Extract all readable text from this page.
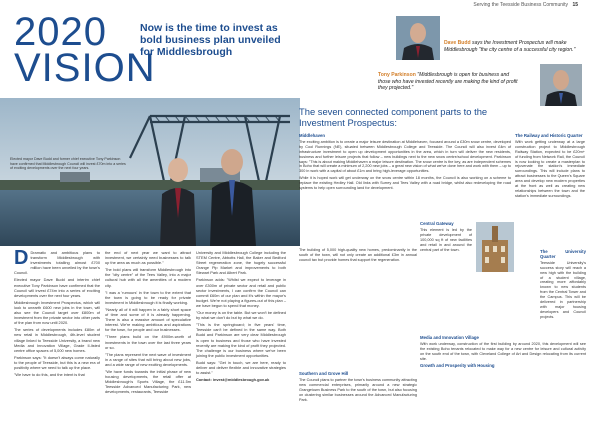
Serving the Teesside Business Community 15
2020
VISION
Now is the time to invest as bold business plan unveiled for Middlesbrough
Elected mayor Dave Budd and former chief executive Tony Parkinson have confirmed that Middlesbrough Council will invest £70m into a series of exciting developments over the next four years.

D Dramatic and ambitious plans to transform Middlesbrough with investments totalling almost £700 million have been unveiled by the town's Council.

Elected mayor Dave Budd and interim chief executive Tony Parkinson have confirmed that the Council will invest £74m into a series of exciting developments over the next four years.

Middlesbrough Investment Prospectus, which will look to unearth £600 new jobs in the town, will also see the Council target over £800m of investment from the private sector into other parts of the plan from now until 2020.

The series of developments includes £80m of new retail in Middlesbrough, 4th-level student village linked to Teesside University, a brand new Media and Innovation Village, Grade II-listed centre office spaces of 5,000 new homes.

Parkinson says: "It doesn't always come naturally to the people of Teesside, but this is a new era of positivity where we need to talk up the place.

"We have to do this, and the intent is that

the end of next year we want to attract investment, we certainly need businesses to talk up the area as much as possible."

The bold plans will transform Middlesbrough into the "city centre" of the Tees Valley, into a major cultural hub with all the amenities of a modern city.

"I was a 'rumours' in the town to the extent that the town is going to be ready for private investment in Middlesbrough it is finally working.

"Nearly all of it will happen in a fairly short space of time and some of it is already happening. There is also a massive amount of speculative interest. We're making ambitious and aspirations for the town, for people and our businesses.

"Three plans build on the £900m-worth of investments in the town over the last three years or so.

"The plans represent the next wave of investment in a range of sites that will bring about new jobs, and a wide range of new exciting developments.

"We have funds towards the initial phase of new housing developments, the retail offer at Middlesbrough's Sports Village, the £11.5m Teesside Advanced Manufacturing Park, new developments, restaurants, Teesside

University and Middlesbrough College including the STEM Centre, Abbotts Hall, the Baker and Bedford Street regeneration zone, the hugely successful Orange Pip Market and improvements to both Stewart Park and Albert Park.

Parkinson adds: "Whilst we expect to leverage in over £300m of private sector and retail and public sector investments, I can confirm the Council can commit £60m of our plan and it's within the mayor's budget. We're not playing a figures-out of this plan – we have begun to spend that money.

"Our money is on the table. But we won't be defined by what we don't do but by what we do.

"This is the springboard; in five years' time, Teesside can't be defined in the same way. Both Budd and Parkinson are very clear Middlesbrough is open to business and those who have invested recently are making the kind of profit they projected. The challenge is our business where we've been joining the public investment opportunities.

Budd says: "Get in touch, we are here, ready to deliver and deliver flexible and innovative strategies to assist."

Contact: invest@middlesbrough.gov.uk

Dave Budd says the Investment Prospectus will make Middlesbrough "the city centre of a successful city region."
Tony Parkinson "Middlesbrough is open for business and those who have invested recently are making the kind of profit they projected."
The seven connected component parts to the Investment Prospectus:
Middlehaven

The exciting ambition is to create a major leisure destination at Middlehaven, focused around a £30m snow centre, developed by Cool Runnings (NE), situated between Middlesbrough College and Teesside. The Council will also invest £4m of infrastructure investment to open up development opportunities in the area, which in turn will deliver the new residents, business and further leisure projects that follow – new buildings next to the new snow centre/school development. Parkinson says: "This is about making Middlehaven a major leisure destination. The snow centre is the key, as are independent schemes in Boho that will create a minimum of 2,200 new jobs – a great new vision of what we've done here and work with them – up to 300 in work with a capital of about £1m and bring high-leverage opportunities.

While it is hoped work will get underway on the snow centre within 18 months, the Council is also working on a scheme to replace the existing Hedley Hall. Old links with Surrey and Tees Valley with a road bridge, whilst also redeveloping the road systems to help open surrounding land for development.

The Railway and Historic Quarter

With work getting underway at a large construction project to Middlesbrough Railway Station, expected to be £20m+ of funding from Network Rail, the Council is now looking to create a masterplan to rejuvenate the station's immediate surroundings. This will include plans to attract businesses to the Queen's Square area and develop new modern properties at the front as well as creating new relationships between the town and the station's immediate surroundings.

Central Gateway

This element is led by the private development of 100,000 sq ft of new facilities and retail in and around the central part of the town.

The building of 5,000 high-quality new homes, predominantly in the south of the town, will not only create an additional £3m in annual council tax but provide homes that support the regeneration.

The University Quarter

Teesside University's success story will reach a new high with the building of a student village, creating more affordably known to new students from the Central Tower and the Campus. This will be delivered in partnership with major housing developers and Council projects.

Media and Innovation Village

With work underway, construction of the first building by around 2020, this development will see the existing Boho tenants relocated to make way for a new centre for leisure and cultural activity on the south end of the town, with Cleveland College of Art and Design relocating from its current site.

Growth and Prosperity with Housing
Southern and Grove Hill

The Council plans to partner the town's business community attracting new commercial enterprises, primarily around a new strategic Grangetown Business Park to the south of the town, but also focusing on clustering similar businesses around the Advanced Manufacturing Park.
